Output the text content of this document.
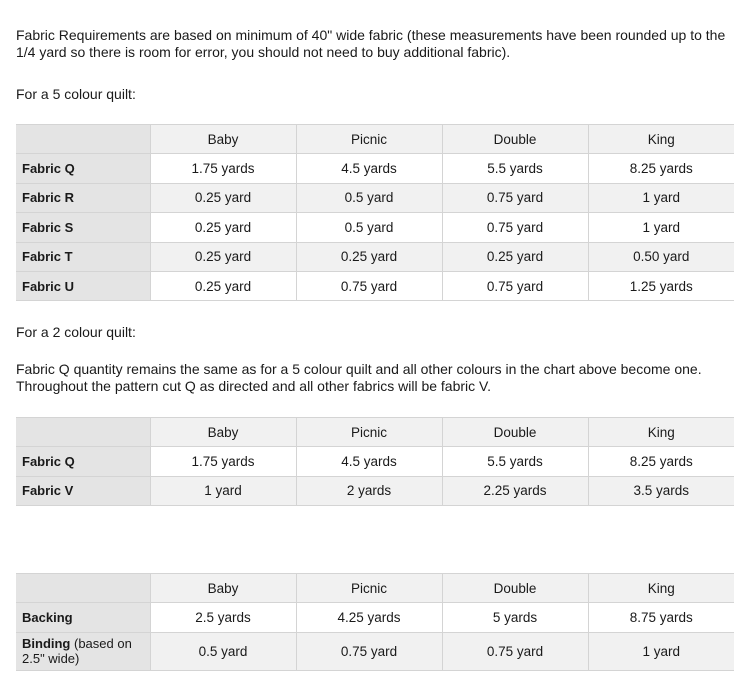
Fabric Requirements are based on minimum of 40" wide fabric (these measurements have been rounded up to the 1/4 yard so there is room for error, you should not need to buy additional fabric).
For a 5 colour quilt:
	Baby	Picnic	Double	King
Fabric Q	1.75 yards	4.5 yards	5.5 yards	8.25 yards
Fabric R	0.25 yard	0.5 yard	0.75 yard	1 yard
Fabric S	0.25 yard	0.5 yard	0.75 yard	1 yard
Fabric T	0.25 yard	0.25 yard	0.25 yard	0.50 yard
Fabric U	0.25 yard	0.75 yard	0.75 yard	1.25 yards
For a 2 colour quilt:
Fabric Q quantity remains the same as for a 5 colour quilt and all other colours in the chart above become one. Throughout the pattern cut Q as directed and all other fabrics will be fabric V.
	Baby	Picnic	Double	King
Fabric Q	1.75 yards	4.5 yards	5.5 yards	8.25 yards
Fabric V	1 yard	2 yards	2.25 yards	3.5 yards
	Baby	Picnic	Double	King
Backing	2.5 yards	4.25 yards	5 yards	8.75 yards
Binding (based on 2.5" wide)	0.5 yard	0.75 yard	0.75 yard	1 yard
